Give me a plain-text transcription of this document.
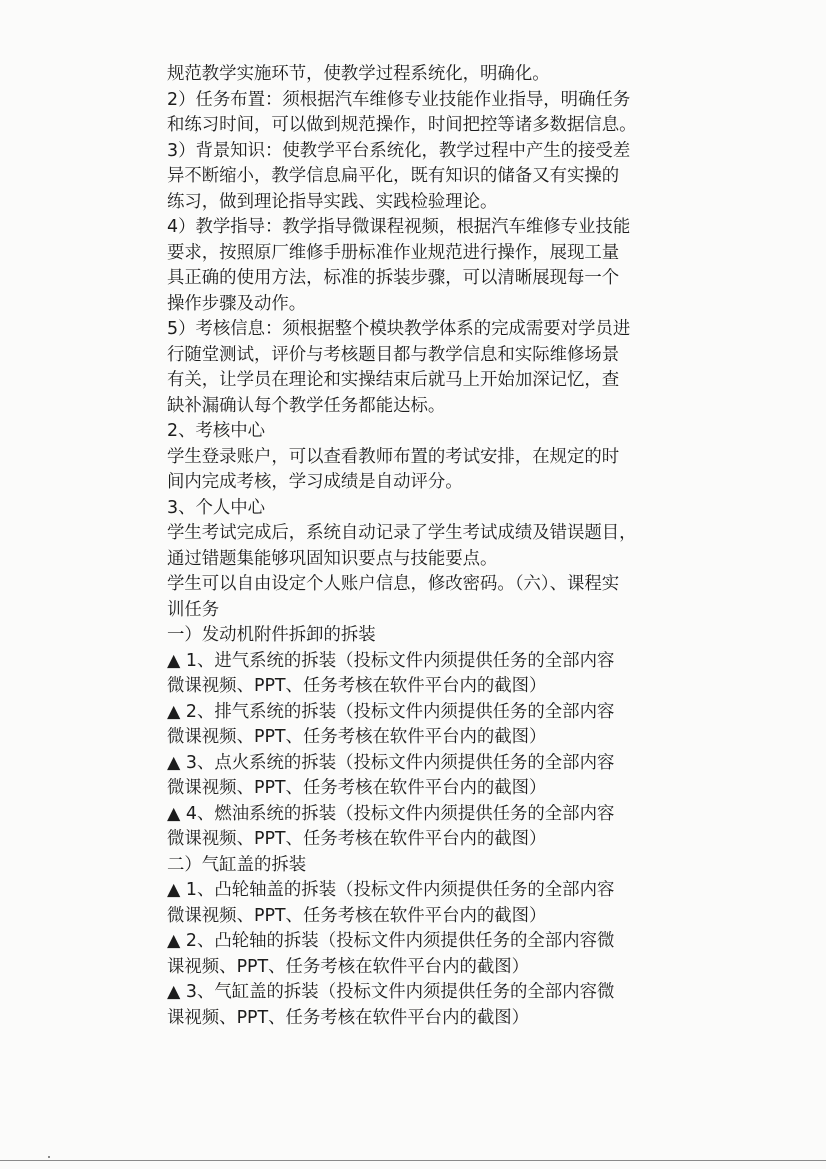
规范教学实施环节，使教学过程系统化，明确化。
2）任务布置：须根据汽车维修专业技能作业指导，明确任务
和练习时间，可以做到规范操作，时间把控等诸多数据信息。
3）背景知识：使教学平台系统化，教学过程中产生的接受差
异不断缩小，教学信息扁平化，既有知识的储备又有实操的
练习，做到理论指导实践、实践检验理论。
4）教学指导：教学指导微课程视频，根据汽车维修专业技能
要求，按照原厂维修手册标准作业规范进行操作，展现工量
具正确的使用方法，标准的拆装步骤，可以清晰展现每一个
操作步骤及动作。
5）考核信息：须根据整个模块教学体系的完成需要对学员进
行随堂测试，评价与考核题目都与教学信息和实际维修场景
有关，让学员在理论和实操结束后就马上开始加深记忆，查
缺补漏确认每个教学任务都能达标。
2、考核中心
学生登录账户，可以查看教师布置的考试安排，在规定的时
间内完成考核，学习成绩是自动评分。
3、个人中心
学生考试完成后，系统自动记录了学生考试成绩及错误题目，
通过错题集能够巩固知识要点与技能要点。
学生可以自由设定个人账户信息，修改密码。（六）、课程实
训任务
一）发动机附件拆卸的拆装
▲ 1、进气系统的拆装（投标文件内须提供任务的全部内容
微课视频、PPT、任务考核在软件平台内的截图）
▲ 2、排气系统的拆装（投标文件内须提供任务的全部内容
微课视频、PPT、任务考核在软件平台内的截图）
▲ 3、点火系统的拆装（投标文件内须提供任务的全部内容
微课视频、PPT、任务考核在软件平台内的截图）
▲ 4、燃油系统的拆装（投标文件内须提供任务的全部内容
微课视频、PPT、任务考核在软件平台内的截图）
二）气缸盖的拆装
▲ 1、凸轮轴盖的拆装（投标文件内须提供任务的全部内容
微课视频、PPT、任务考核在软件平台内的截图）
▲ 2、凸轮轴的拆装（投标文件内须提供任务的全部内容微
课视频、PPT、任务考核在软件平台内的截图）
▲ 3、气缸盖的拆装（投标文件内须提供任务的全部内容微
课视频、PPT、任务考核在软件平台内的截图）
